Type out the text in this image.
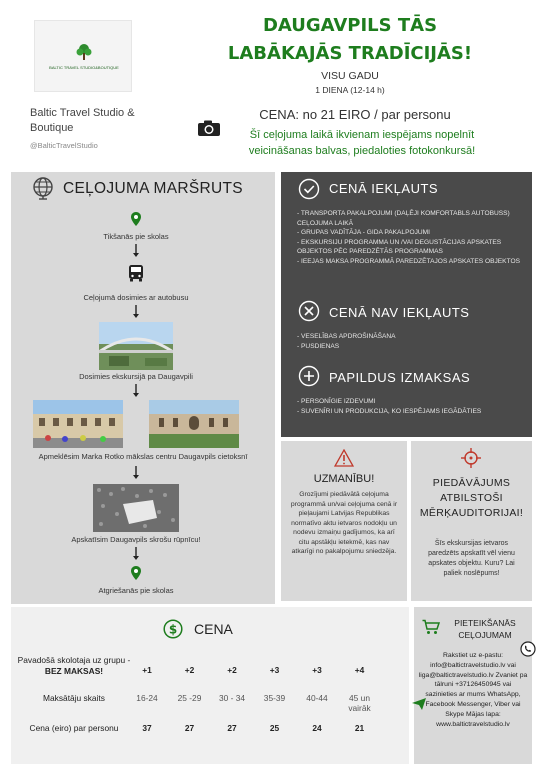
BALTIC TRAVEL STUDIO&BOUTIQUE
Baltic Travel Studio & Boutique
@BalticTravelStudio
DAUGAVPILS TĀS
LABĀKAJĀS TRADĪCIJĀS!
VISU GADU
1 DIENA (12-14 h)
CENA: no 21 EIRO / par personu
Šī ceļojuma laikā ikvienam iespējams nopelnīt veicināšanas balvas, piedaloties fotokonkursā!
CEĻOJUMA MARŠRUTS
Tikšanās pie skolas
Ceļojumā dosimies ar autobusu
Dosimies ekskursijā pa Daugavpili
Apmeklēsim Marka Rotko mākslas centru Daugavpils cietoksnī
Apskatīsim Daugavpils skrošu rūpnīcu!
Atgriešanās pie skolas
CENĀ IEKĻAUTS
- TRANSPORTA PAKALPOJUMI (DAĻĒJI KOMFORTABLS AUTOBUSS) CEĻOJUMA LAIKĀ
- GRUPAS VADĪTĀJA - GIDA PAKALPOJUMI
- EKSKURSIJU PROGRAMMA UN /VAI DEGUSTĀCIJAS APSKATES OBJEKTOS PĒC PAREDZĒTĀS PROGRAMMAS
- IEEJAS MAKSA PROGRAMMĀ PAREDZĒTAJOS APSKATES OBJEKTOS
CENĀ NAV IEKĻAUTS
- VESELĪBAS APDROŠINĀŠANA
- PUSDIENAS
PAPILDUS IZMAKSAS
- PERSONĪGIE IZDEVUMI
- SUVENĪRI UN PRODUKCIJA, KO IESPĒJAMS IEGĀDĀTIES
UZMANĪBU!
Grozījumi piedāvātā ceļojuma programmā un/vai ceļojuma cenā ir pieļaujami Latvijas Republikas normatīvo aktu ietvaros nodokļu un nodevu izmaiņu gadījumos, ka arī citu apstākļu ietekmē, kas nav atkarīgi no pakalpojumu sniedzēja.
PIEDĀVĀJUMS ATBILSTOŠI MĒRĶAUDITORIJAI!
Šīs ekskursijas ietvaros paredzēts apskatīt vēl vienu apskates objektu. Kuru? Lai paliek noslēpums!
$ CENA
Pavadošā skolotaja uz grupu - BEZ MAKSAS!
Maksātāju skaits
Cena (eiro) par personu
+1
16-24
37
+2
25 -29
27
+2
30 - 34
27
+3
35-39
25
+3
40-44
24
+4
45 un vairāk
21
PIETEIKŠANĀS CEĻOJUMAM
Rakstiet uz e-pastu: info@baltictravelstudio.lv vai liga@baltictravelstudio.lv Zvaniet pa tālruni +37126450945 vai sazinieties ar mums WhatsApp, Facebook Messenger, Viber vai Skype Mājas lapa: www.baltictravelstudio.lv
